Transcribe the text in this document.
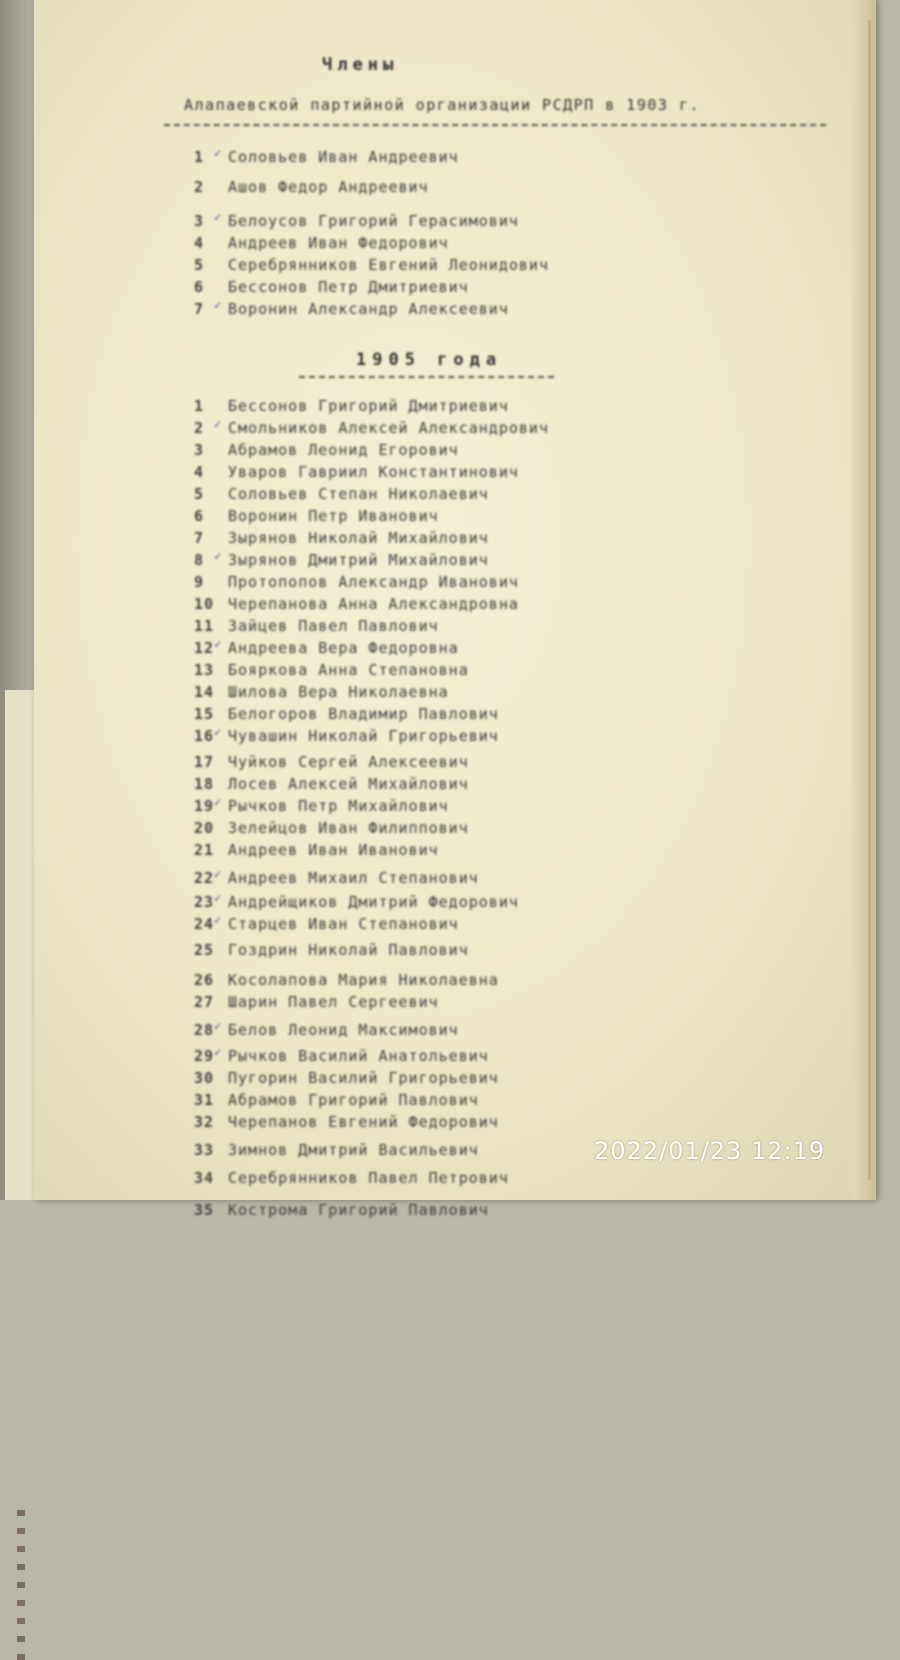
Члены
Алапаевской партийной организации РСДРП в 1903 г.
1 Соловьев Иван Андреевич
✓
2 Ашов Федор Андреевич
3 Белоусов Григорий Герасимович
✓
4 Андреев Иван Федорович
5 Серебрянников Евгений Леонидович
6 Бессонов Петр Дмитриевич
7 Воронин Александр Алексеевич
✓
1905 года
1 Бессонов Григорий Дмитриевич
2 Смольников Алексей Александрович
✓
3 Абрамов Леонид Егорович
4 Уваров Гавриил Константинович
5 Соловьев Степан Николаевич
6 Воронин Петр Иванович
7 Зырянов Николай Михайлович
8 Зырянов Дмитрий Михайлович
✓
9 Протопопов Александр Иванович
10 Черепанова Анна Александровна
11 Зайцев Павел Павлович
12 Андреева Вера Федоровна
✓
13 Бояркова Анна Степановна
14 Шилова Вера Николаевна
15 Белогоров Владимир Павлович
16 Чувашин Николай Григорьевич
✓
17 Чуйков Сергей Алексеевич
18 Лосев Алексей Михайлович
19 Рычков Петр Михайлович
✓
20 Зелейцов Иван Филиппович
21 Андреев Иван Иванович
22 Андреев Михаил Степанович
✓
23 Андрейщиков Дмитрий Федорович
✓
24 Старцев Иван Степанович
✓
25 Гоздрин Николай Павлович
26 Косолапова Мария Николаевна
27 Шарин Павел Сергеевич
28 Белов Леонид Максимович
✓
29 Рычков Василий Анатольевич
✓
30 Пугорин Василий Григорьевич
31 Абрамов Григорий Павлович
32 Черепанов Евгений Федорович
33 Зимнов Дмитрий Васильевич
34 Серебрянников Павел Петрович
35 Кострома Григорий Павлович
2022/01/23 12:19
